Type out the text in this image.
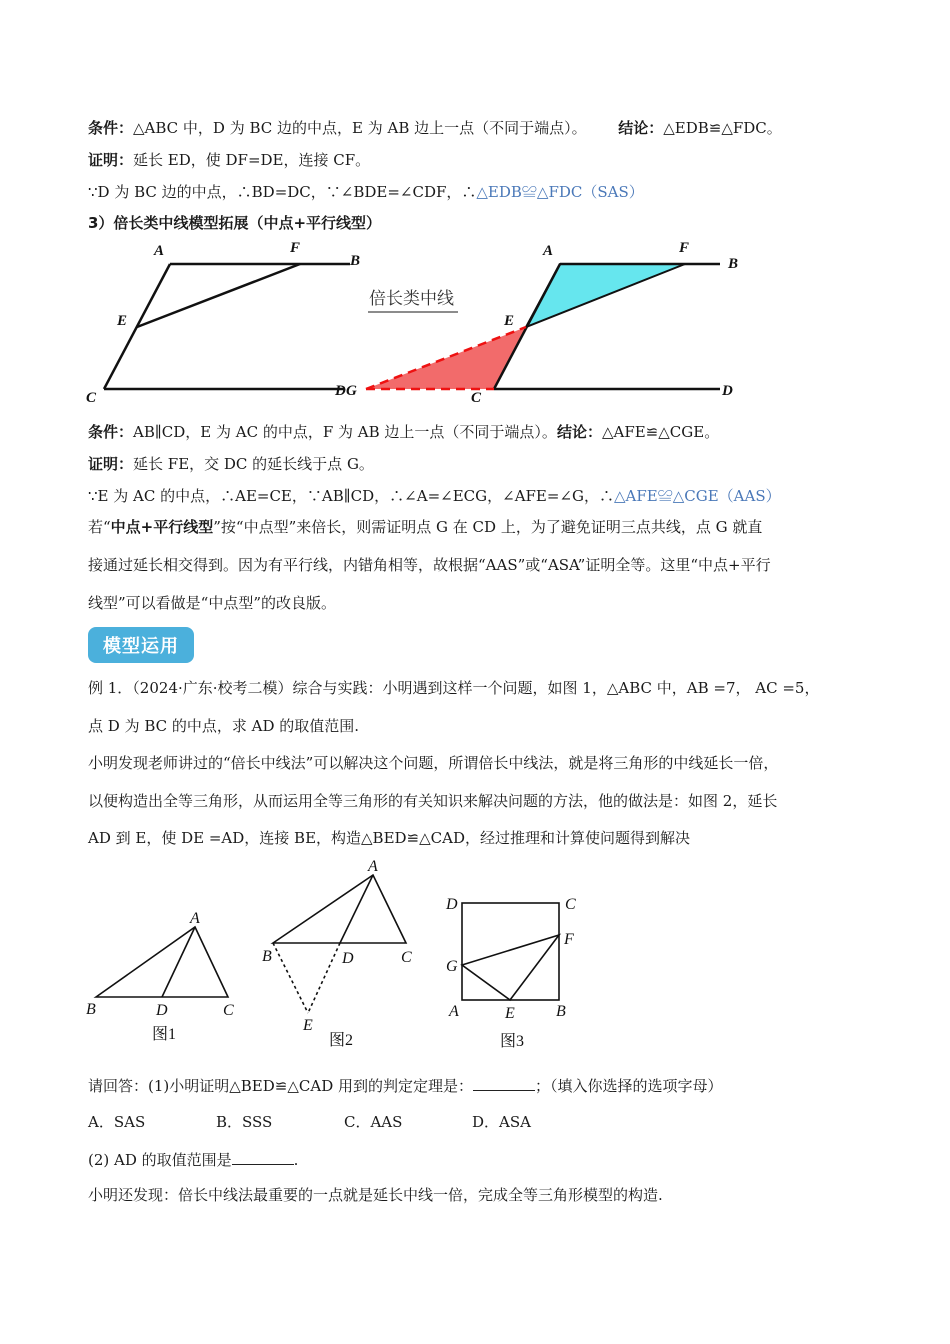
条件：△ABC 中，D 为 BC 边的中点，E 为 AB 边上一点（不同于端点）。 结论：△EDB≌△FDC。
证明：延长 ED，使 DF=DE，连接 CF。
∵D 为 BC 边的中点，∴BD=DC，∵∠BDE=∠CDF，∴△EDB≌△FDC（SAS）
3）倍长类中线模型拓展（中点+平行线型）
A	F
B
E
C	D
倍长类中线
A	F
B
E
C	D
G
条件：AB∥CD，E 为 AC 的中点，F 为 AB 边上一点（不同于端点）。结论：△AFE≌△CGE。
证明：延长 FE，交 DC 的延长线于点 G。
∵E 为 AC 的中点，∴AE=CE，∵AB∥CD，∴∠A=∠ECG，∠AFE=∠G，∴△AFE≌△CGE（AAS）
若“中点+平行线型”按“中点型”来倍长，则需证明点 G 在 CD 上，为了避免证明三点共线，点 G 就直
接通过延长相交得到。因为有平行线，内错角相等，故根据“AAS”或“ASA”证明全等。这里“中点+平行
线型”可以看做是“中点型”的改良版。
模型运用
例 1．（2024·广东·校考二模）综合与实践：小明遇到这样一个问题，如图 1，△ABC 中，AB =7， AC =5，
点 D 为 BC 的中点，求 AD 的取值范围.
小明发现老师讲过的“倍长中线法”可以解决这个问题，所谓倍长中线法，就是将三角形的中线延长一倍，
以便构造出全等三角形，从而运用全等三角形的有关知识来解决问题的方法，他的做法是：如图 2，延长
AD 到 E，使 DE =AD，连接 BE，构造△BED≌△CAD，经过推理和计算使问题得到解决
A
B	D	C
图1
A
B	D	C
E
图2
D	C
F
G
A	E	B
图3
请回答：(1)小明证明△BED≌△CAD 用到的判定定理是：	；（填入你选择的选项字母）
A．SAS	B．SSS	C．AAS	D．ASA
(2) AD 的取值范围是	.
小明还发现：倍长中线法最重要的一点就是延长中线一倍，完成全等三角形模型的构造.
